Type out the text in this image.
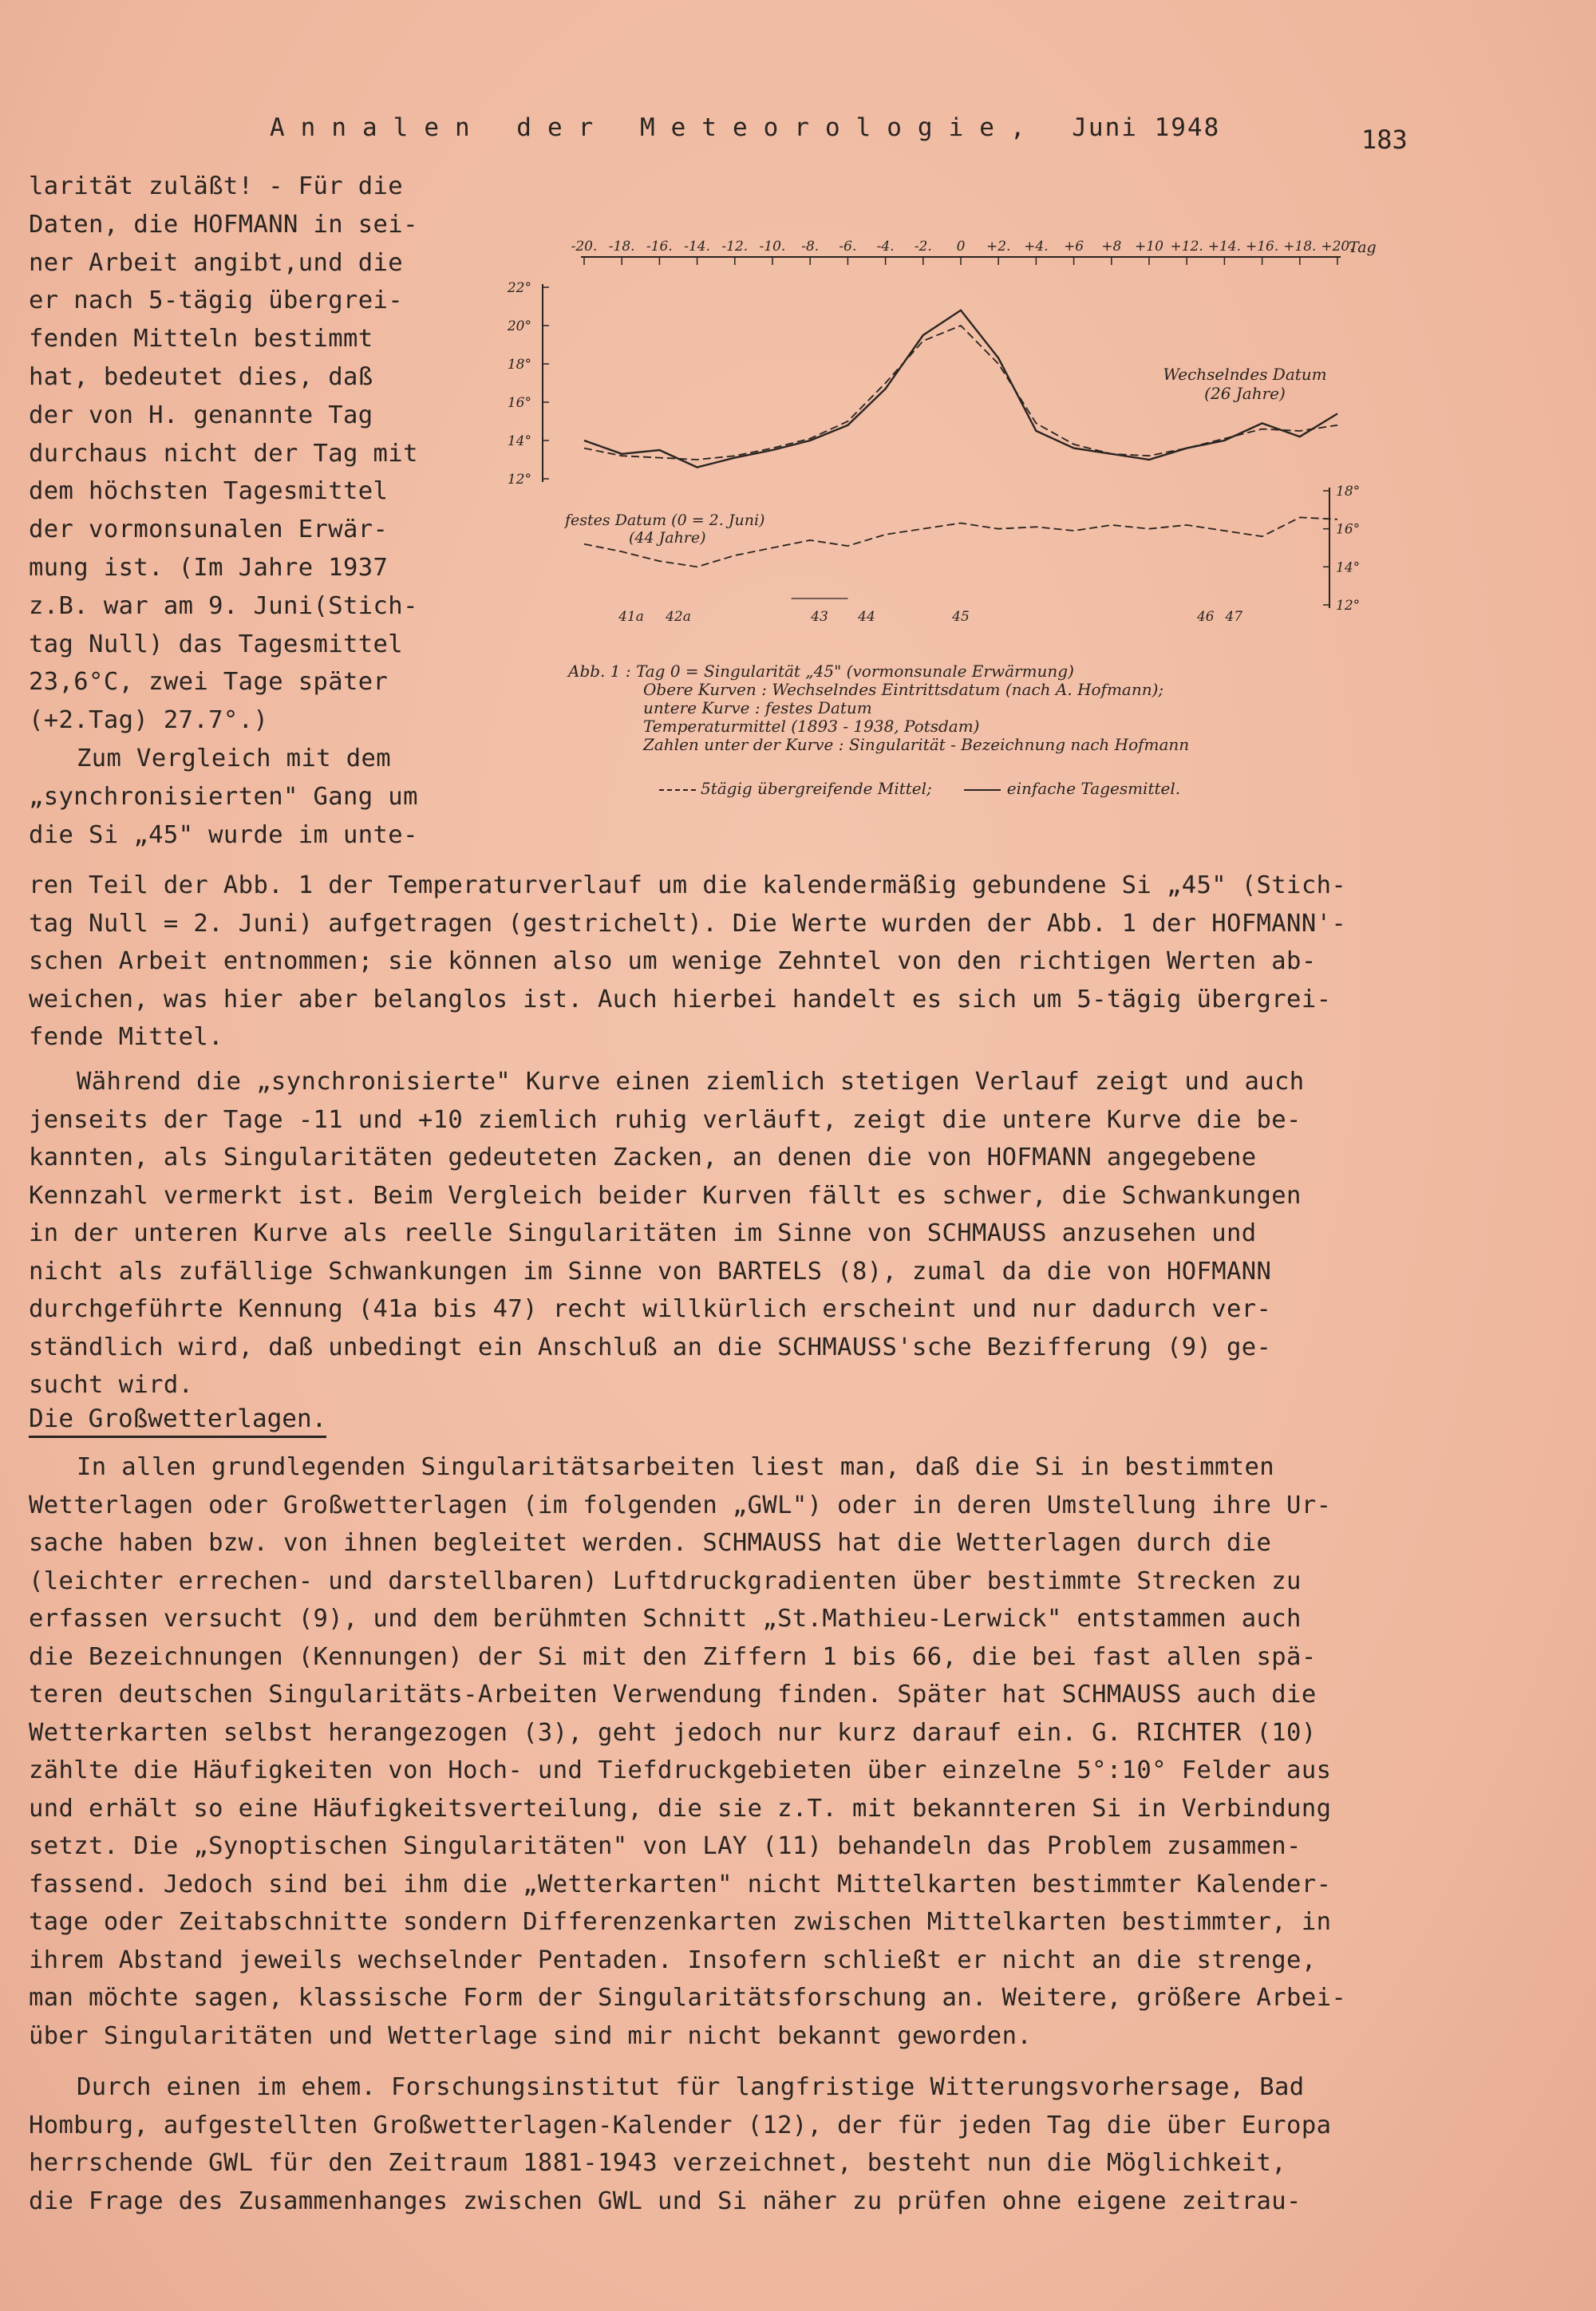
Annalen der Meteorologie, Juni 1948	183
larität zuläßt! - Für die
Daten, die HOFMANN in sei-
ner Arbeit angibt,und die
er nach 5-tägig übergrei-
fenden Mitteln bestimmt
hat, bedeutet dies, daß
der von H. genannte Tag
durchaus nicht der Tag mit
dem höchsten Tagesmittel
der vormonsunalen Erwär-
mung ist. (Im Jahre 1937
z.B. war am 9. Juni(Stich-
tag Null) das Tagesmittel
23,6°C, zwei Tage später
(+2.Tag) 27.7°.)
Zum Vergleich mit dem
„synchronisierten" Gang um
die Si „45" wurde im unte-
ren Teil der Abb. 1 der Temperaturverlauf um die kalendermäßig gebundene Si „45" (Stich-
tag Null = 2. Juni) aufgetragen (gestrichelt). Die Werte wurden der Abb. 1 der HOFMANN'-
schen Arbeit entnommen; sie können also um wenige Zehntel von den richtigen Werten ab-
weichen, was hier aber belanglos ist. Auch hierbei handelt es sich um 5-tägig übergrei-
fende Mittel.
Während die „synchronisierte" Kurve einen ziemlich stetigen Verlauf zeigt und auch
jenseits der Tage -11 und +10 ziemlich ruhig verläuft, zeigt die untere Kurve die be-
kannten, als Singularitäten gedeuteten Zacken, an denen die von HOFMANN angegebene
Kennzahl vermerkt ist. Beim Vergleich beider Kurven fällt es schwer, die Schwankungen
in der unteren Kurve als reelle Singularitäten im Sinne von SCHMAUSS anzusehen und
nicht als zufällige Schwankungen im Sinne von BARTELS (8), zumal da die von HOFMANN
durchgeführte Kennung (41a bis 47) recht willkürlich erscheint und nur dadurch ver-
ständlich wird, daß unbedingt ein Anschluß an die SCHMAUSS'sche Bezifferung (9) ge-
sucht wird.
Die Großwetterlagen.
In allen grundlegenden Singularitätsarbeiten liest man, daß die Si in bestimmten
Wetterlagen oder Großwetterlagen (im folgenden „GWL") oder in deren Umstellung ihre Ur-
sache haben bzw. von ihnen begleitet werden. SCHMAUSS hat die Wetterlagen durch die
(leichter errechen- und darstellbaren) Luftdruckgradienten über bestimmte Strecken zu
erfassen versucht (9), und dem berühmten Schnitt „St.Mathieu-Lerwick" entstammen auch
die Bezeichnungen (Kennungen) der Si mit den Ziffern 1 bis 66, die bei fast allen spä-
teren deutschen Singularitäts-Arbeiten Verwendung finden. Später hat SCHMAUSS auch die
Wetterkarten selbst herangezogen (3), geht jedoch nur kurz darauf ein. G. RICHTER (10)
zählte die Häufigkeiten von Hoch- und Tiefdruckgebieten über einzelne 5°:10° Felder aus
und erhält so eine Häufigkeitsverteilung, die sie z.T. mit bekannteren Si in Verbindung
setzt. Die „Synoptischen Singularitäten" von LAY (11) behandeln das Problem zusammen-
fassend. Jedoch sind bei ihm die „Wetterkarten" nicht Mittelkarten bestimmter Kalender-
tage oder Zeitabschnitte sondern Differenzenkarten zwischen Mittelkarten bestimmter, in
ihrem Abstand jeweils wechselnder Pentaden. Insofern schließt er nicht an die strenge,
man möchte sagen, klassische Form der Singularitätsforschung an. Weitere, größere Arbei-
über Singularitäten und Wetterlage sind mir nicht bekannt geworden.
Durch einen im ehem. Forschungsinstitut für langfristige Witterungsvorhersage, Bad
Homburg, aufgestellten Großwetterlagen-Kalender (12), der für jeden Tag die über Europa
herrschende GWL für den Zeitraum 1881-1943 verzeichnet, besteht nun die Möglichkeit,
die Frage des Zusammenhanges zwischen GWL und Si näher zu prüfen ohne eigene zeitrau-
-20. -18. -16. -14. -12. -10. -8. -6. -4. -2. 0 +2. +4. +6 +8 +10 +12. +14. +16. +18. +20.
Tag
22°
20°
18°
16°
14°
12°
18°
16°
14°
12°
Wechselndes Datum
(26 Jahre)
festes Datum (0 = 2. Juni)
(44 Jahre)
41a 42a	43 44	45	46 47
Abb. 1 : Tag 0 = Singularität „45" (vormonsunale Erwärmung)
Obere Kurven : Wechselndes Eintrittsdatum (nach A. Hofmann);
untere Kurve : festes Datum
Temperaturmittel (1893 - 1938, Potsdam)
Zahlen unter der Kurve : Singularität - Bezeichnung nach Hofmann
5tägig übergreifende Mittel;	einfache Tagesmittel.
